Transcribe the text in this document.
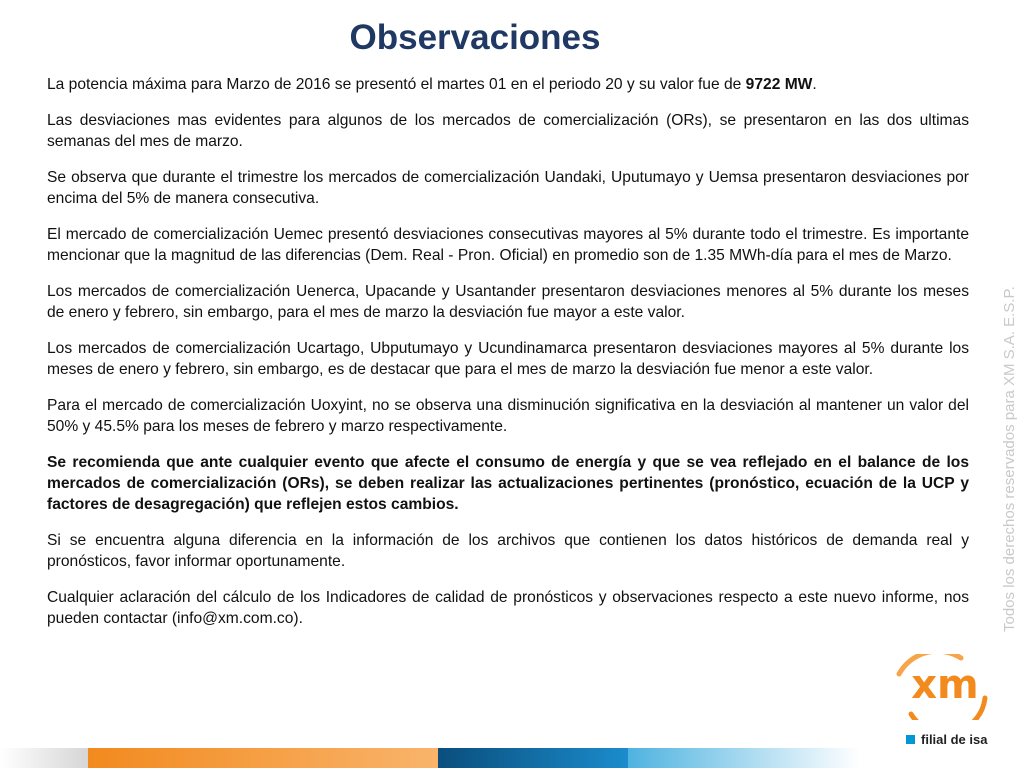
Observaciones

La potencia máxima para Marzo de 2016 se presentó el martes 01 en el periodo 20 y su valor fue de 9722 MW.

Las desviaciones mas evidentes para algunos de los mercados de comercialización (ORs), se presentaron en las dos ultimas semanas del mes de marzo.

Se observa que durante el trimestre los mercados de comercialización Uandaki, Uputumayo y Uemsa presentaron desviaciones por encima del 5% de manera consecutiva.

El mercado de comercialización Uemec presentó desviaciones consecutivas mayores al 5% durante todo el trimestre. Es importante mencionar que la magnitud de las diferencias (Dem. Real - Pron. Oficial) en promedio son de 1.35 MWh-día para el mes de Marzo.

Los mercados de comercialización Uenerca, Upacande y Usantander presentaron desviaciones menores al 5% durante los meses de enero y febrero, sin embargo, para el mes de marzo la desviación fue mayor a este valor.

Los mercados de comercialización Ucartago, Ubputumayo y Ucundinamarca presentaron desviaciones mayores al 5% durante los meses de enero y febrero, sin embargo, es de destacar que para el mes de marzo la desviación fue menor a este valor.

Para el mercado de comercialización Uoxyint, no se observa una disminución significativa en la desviación al mantener un valor del 50% y 45.5% para los meses de febrero y marzo respectivamente.

Se recomienda que ante cualquier evento que afecte el consumo de energía y que se vea reflejado en el balance de los mercados de comercialización (ORs), se deben realizar las actualizaciones pertinentes (pronóstico, ecuación de la UCP y factores de desagregación) que reflejen estos cambios.

Si se encuentra alguna diferencia en la información de los archivos que contienen los datos históricos de demanda real y pronósticos, favor informar oportunamente.

Cualquier aclaración del cálculo de los Indicadores de calidad de pronósticos y observaciones respecto a este nuevo informe, nos pueden contactar (info@xm.com.co).	Todos los derechos reservados para XM S.A. E.S.P.
xm
filial de isa
